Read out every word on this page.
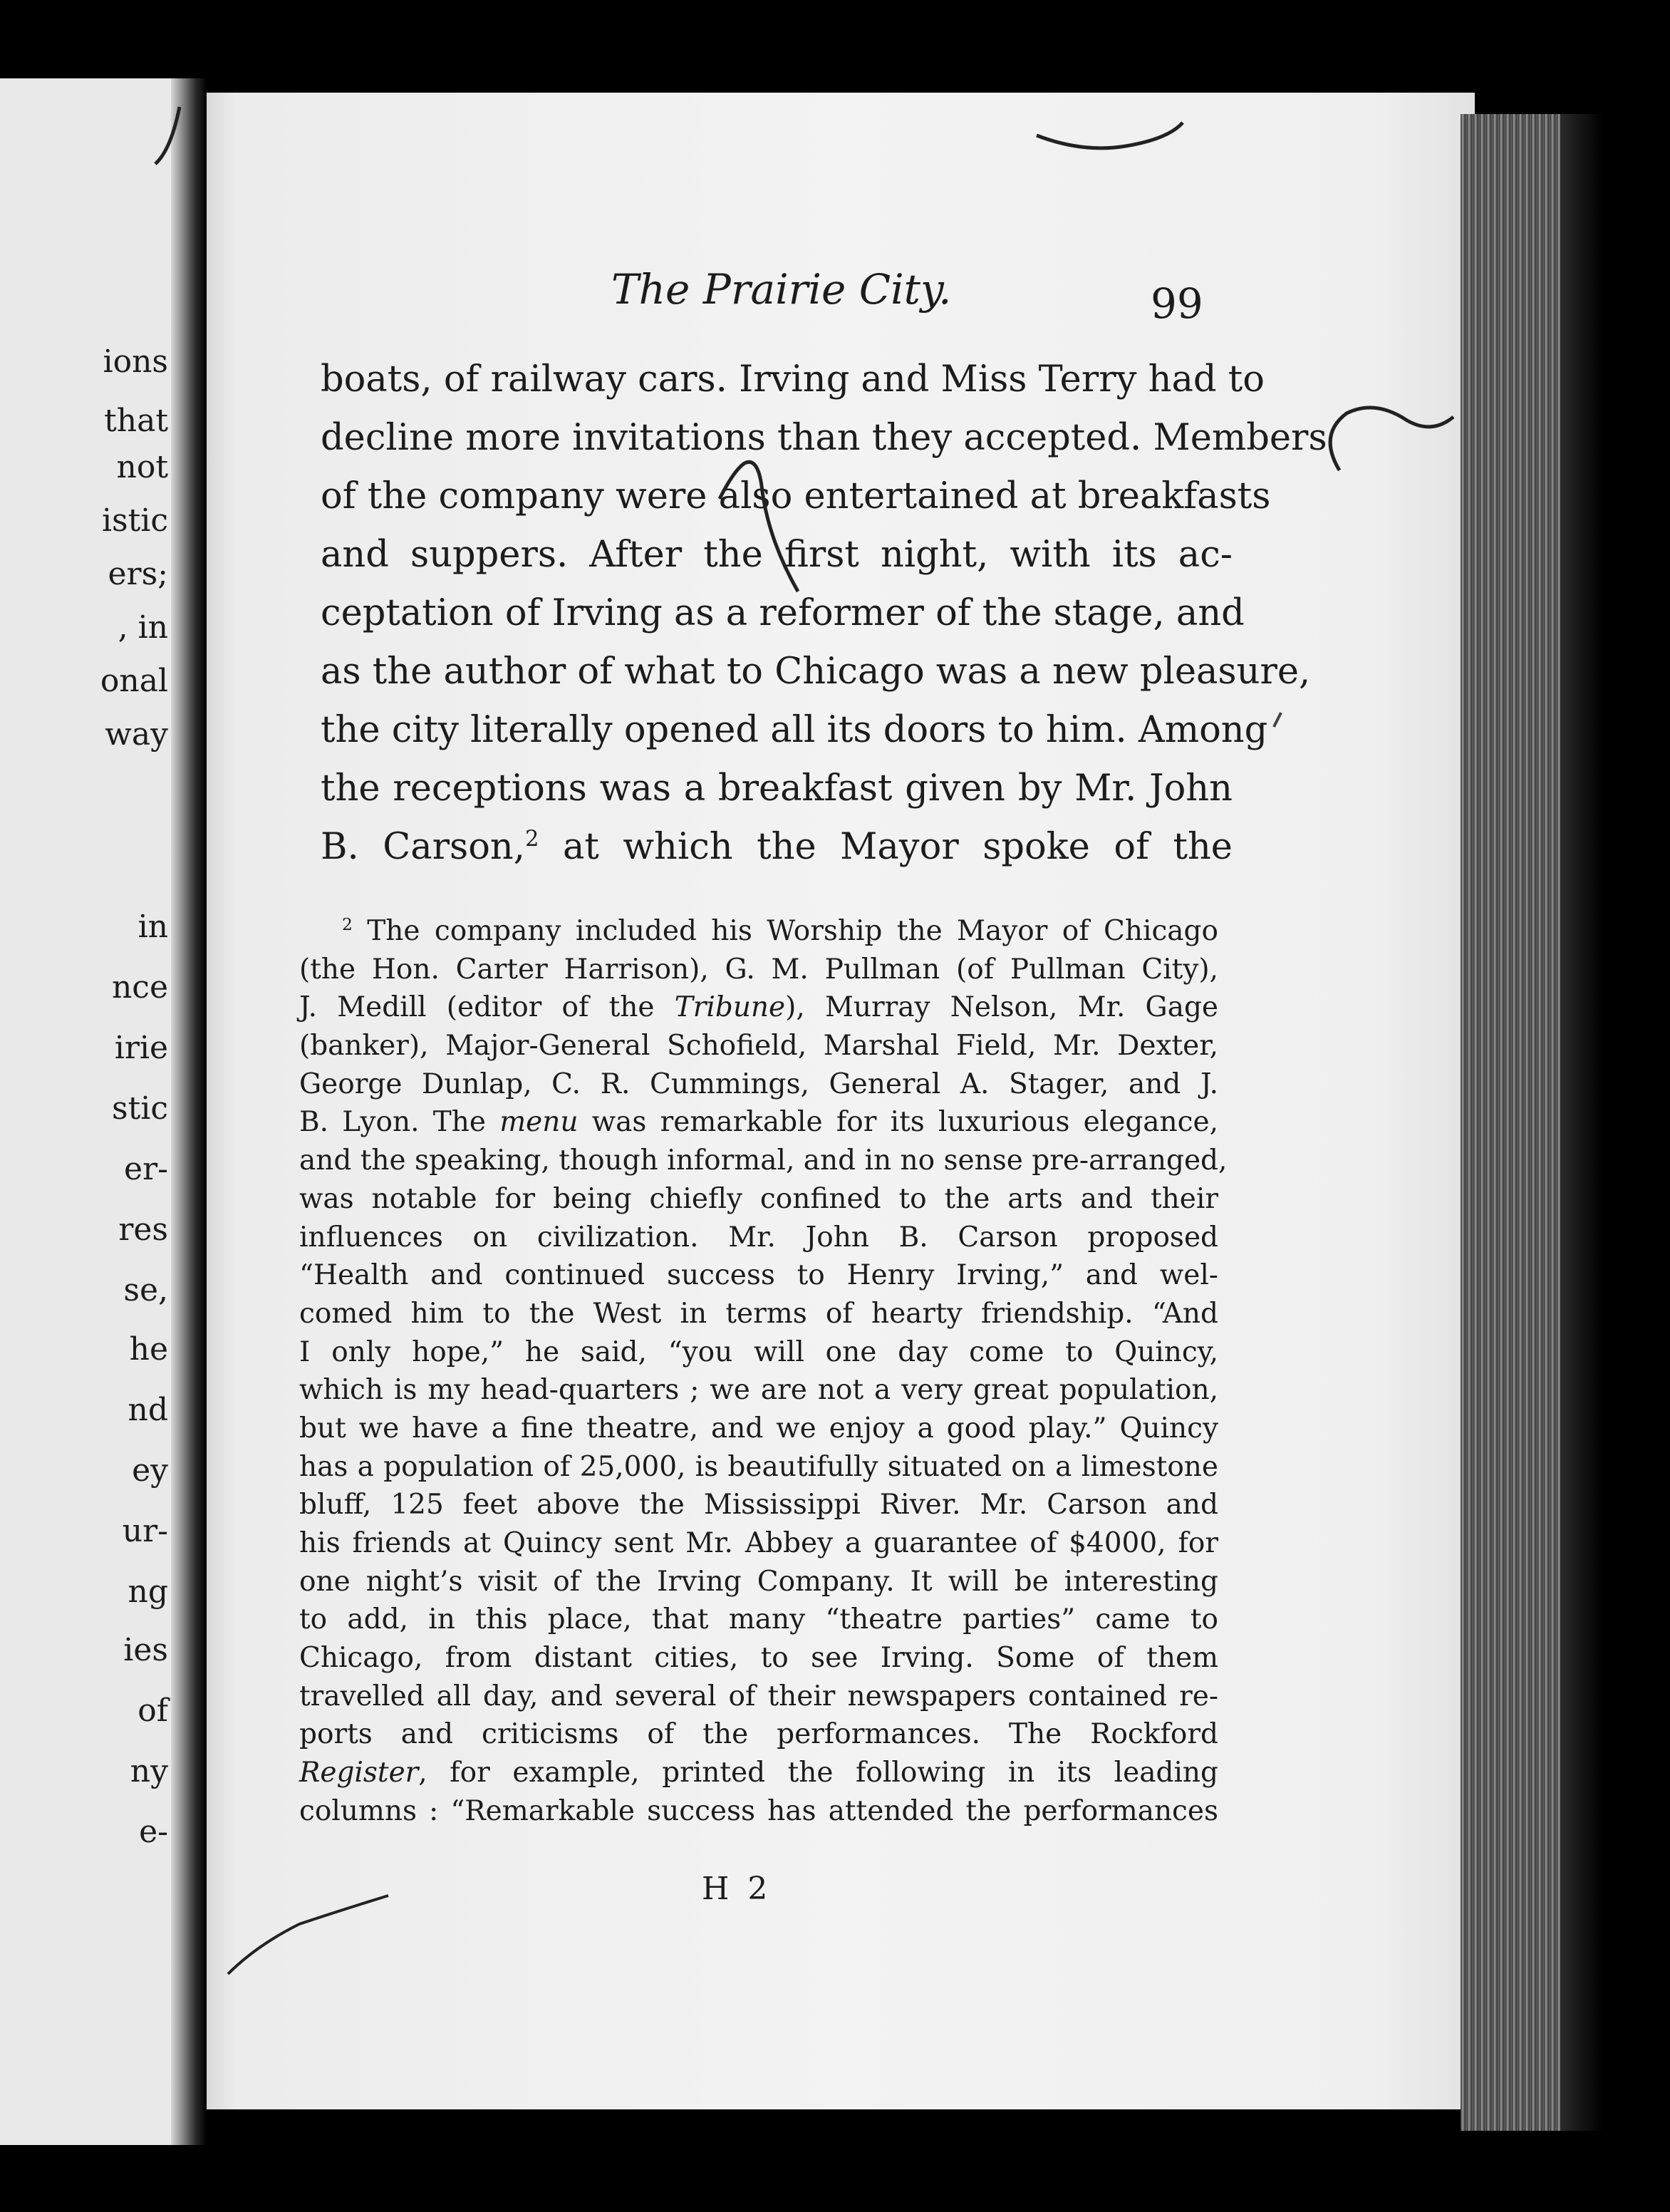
ions
that
not
istic
ers;
, in
onal
way
in
nce
irie
stic
er-
res
se,
he
nd
ey
ur-
ng
ies
of
ny
e-
The Prairie City.	99
boats, of railway cars. Irving and Miss Terry had to
decline more invitations than they accepted. Members
of the company were also entertained at breakfasts
and suppers. After the first night, with its ac-
ceptation of Irving as a reformer of the stage, and
as the author of what to Chicago was a new pleasure,
the city literally opened all its doors to him. Among
the receptions was a breakfast given by Mr. John
B. Carson,$^2$ at which the Mayor spoke of the
$^2$ The company included his Worship the Mayor of Chicago
(the Hon. Carter Harrison), G. M. Pullman (of Pullman City),
J. Medill (editor of the Tribune), Murray Nelson, Mr. Gage
(banker), Major-General Schofield, Marshal Field, Mr. Dexter,
George Dunlap, C. R. Cummings, General A. Stager, and J.
B. Lyon. The menu was remarkable for its luxurious elegance,
and the speaking, though informal, and in no sense pre-arranged,
was notable for being chiefly confined to the arts and their
influences on civilization. Mr. John B. Carson proposed
“Health and continued success to Henry Irving,” and wel-
comed him to the West in terms of hearty friendship. “And
I only hope,” he said, “you will one day come to Quincy,
which is my head-quarters ; we are not a very great population,
but we have a fine theatre, and we enjoy a good play.” Quincy
has a population of 25,000, is beautifully situated on a limestone
bluff, 125 feet above the Mississippi River. Mr. Carson and
his friends at Quincy sent Mr. Abbey a guarantee of $4000, for
one night’s visit of the Irving Company. It will be interesting
to add, in this place, that many “theatre parties” came to
Chicago, from distant cities, to see Irving. Some of them
travelled all day, and several of their newspapers contained re-
ports and criticisms of the performances. The Rockford
Register, for example, printed the following in its leading
columns : “Remarkable success has attended the performances
H 2
